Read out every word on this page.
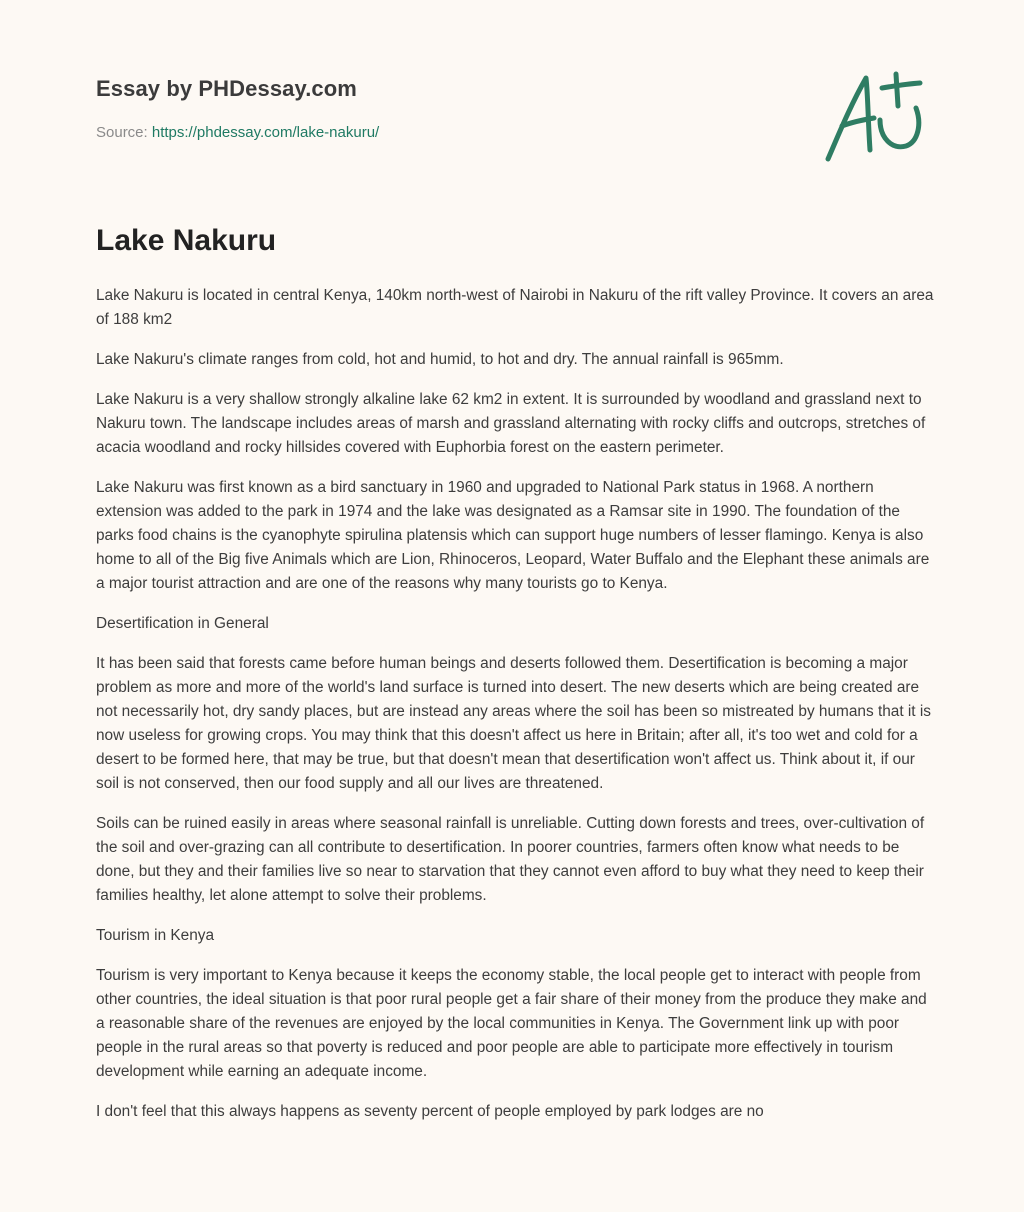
Essay by PHDessay.com

Source: https://phdessay.com/lake-nakuru/

Lake Nakuru

Lake Nakuru is located in central Kenya, 140km north-west of Nairobi in Nakuru of the rift valley Province. It covers an area of 188 km2

Lake Nakuru's climate ranges from cold, hot and humid, to hot and dry. The annual rainfall is 965mm.

Lake Nakuru is a very shallow strongly alkaline lake 62 km2 in extent. It is surrounded by woodland and grassland next to Nakuru town. The landscape includes areas of marsh and grassland alternating with rocky cliffs and outcrops, stretches of acacia woodland and rocky hillsides covered with Euphorbia forest on the eastern perimeter.

Lake Nakuru was first known as a bird sanctuary in 1960 and upgraded to National Park status in 1968. A northern extension was added to the park in 1974 and the lake was designated as a Ramsar site in 1990. The foundation of the parks food chains is the cyanophyte spirulina platensis which can support huge numbers of lesser flamingo. Kenya is also home to all of the Big five Animals which are Lion, Rhinoceros, Leopard, Water Buffalo and the Elephant these animals are a major tourist attraction and are one of the reasons why many tourists go to Kenya.

Desertification in General

It has been said that forests came before human beings and deserts followed them. Desertification is becoming a major problem as more and more of the world's land surface is turned into desert. The new deserts which are being created are not necessarily hot, dry sandy places, but are instead any areas where the soil has been so mistreated by humans that it is now useless for growing crops. You may think that this doesn't affect us here in Britain; after all, it's too wet and cold for a desert to be formed here, that may be true, but that doesn't mean that desertification won't affect us. Think about it, if our soil is not conserved, then our food supply and all our lives are threatened.

Soils can be ruined easily in areas where seasonal rainfall is unreliable. Cutting down forests and trees, over-cultivation of the soil and over-grazing can all contribute to desertification. In poorer countries, farmers often know what needs to be done, but they and their families live so near to starvation that they cannot even afford to buy what they need to keep their families healthy, let alone attempt to solve their problems.

Tourism in Kenya

Tourism is very important to Kenya because it keeps the economy stable, the local people get to interact with people from other countries, the ideal situation is that poor rural people get a fair share of their money from the produce they make and a reasonable share of the revenues are enjoyed by the local communities in Kenya. The Government link up with poor people in the rural areas so that poverty is reduced and poor people are able to participate more effectively in tourism development while earning an adequate income.

I don't feel that this always happens as seventy percent of people employed by park lodges are no
